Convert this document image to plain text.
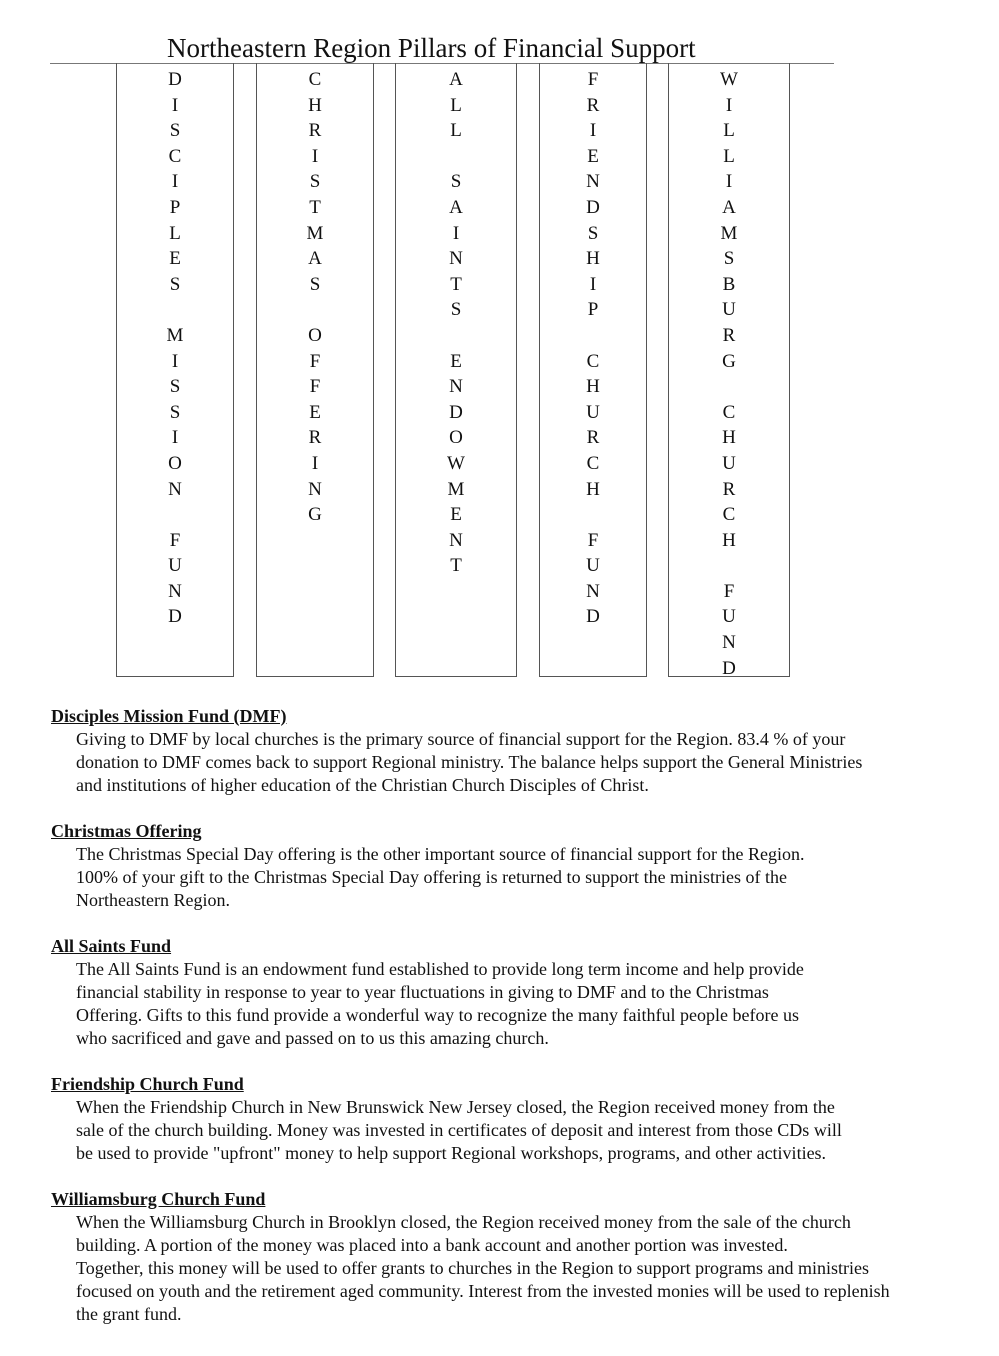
Northeastern Region Pillars of Financial Support
D
I
S
C
I
P
L
E
S
M
I
S
S
I
O
N
F
U
N
D
C
H
R
I
S
T
M
A
S
O
F
F
E
R
I
N
G
A
L
L
S
A
I
N
T
S
E
N
D
O
W
M
E
N
T
F
R
I
E
N
D
S
H
I
P
C
H
U
R
C
H
F
U
N
D
W
I
L
L
I
A
M
S
B
U
R
G
C
H
U
R
C
H
F
U
N
D
Disciples Mission Fund (DMF)

Giving to DMF by local churches is the primary source of financial support for the Region. 83.4 % of your
donation to DMF comes back to support Regional ministry. The balance helps support the General Ministries
and institutions of higher education of the Christian Church Disciples of Christ.

Christmas Offering

The Christmas Special Day offering is the other important source of financial support for the Region.
100% of your gift to the Christmas Special Day offering is returned to support the ministries of the
Northeastern Region.

All Saints Fund

The All Saints Fund is an endowment fund established to provide long term income and help provide
financial stability in response to year to year fluctuations in giving to DMF and to the Christmas
Offering. Gifts to this fund provide a wonderful way to recognize the many faithful people before us
who sacrificed and gave and passed on to us this amazing church.

Friendship Church Fund

When the Friendship Church in New Brunswick New Jersey closed, the Region received money from the
sale of the church building. Money was invested in certificates of deposit and interest from those CDs will
be used to provide "upfront" money to help support Regional workshops, programs, and other activities.

Williamsburg Church Fund

When the Williamsburg Church in Brooklyn closed, the Region received money from the sale of the church
building. A portion of the money was placed into a bank account and another portion was invested.
Together, this money will be used to offer grants to churches in the Region to support programs and ministries
focused on youth and the retirement aged community. Interest from the invested monies will be used to replenish
the grant fund.
